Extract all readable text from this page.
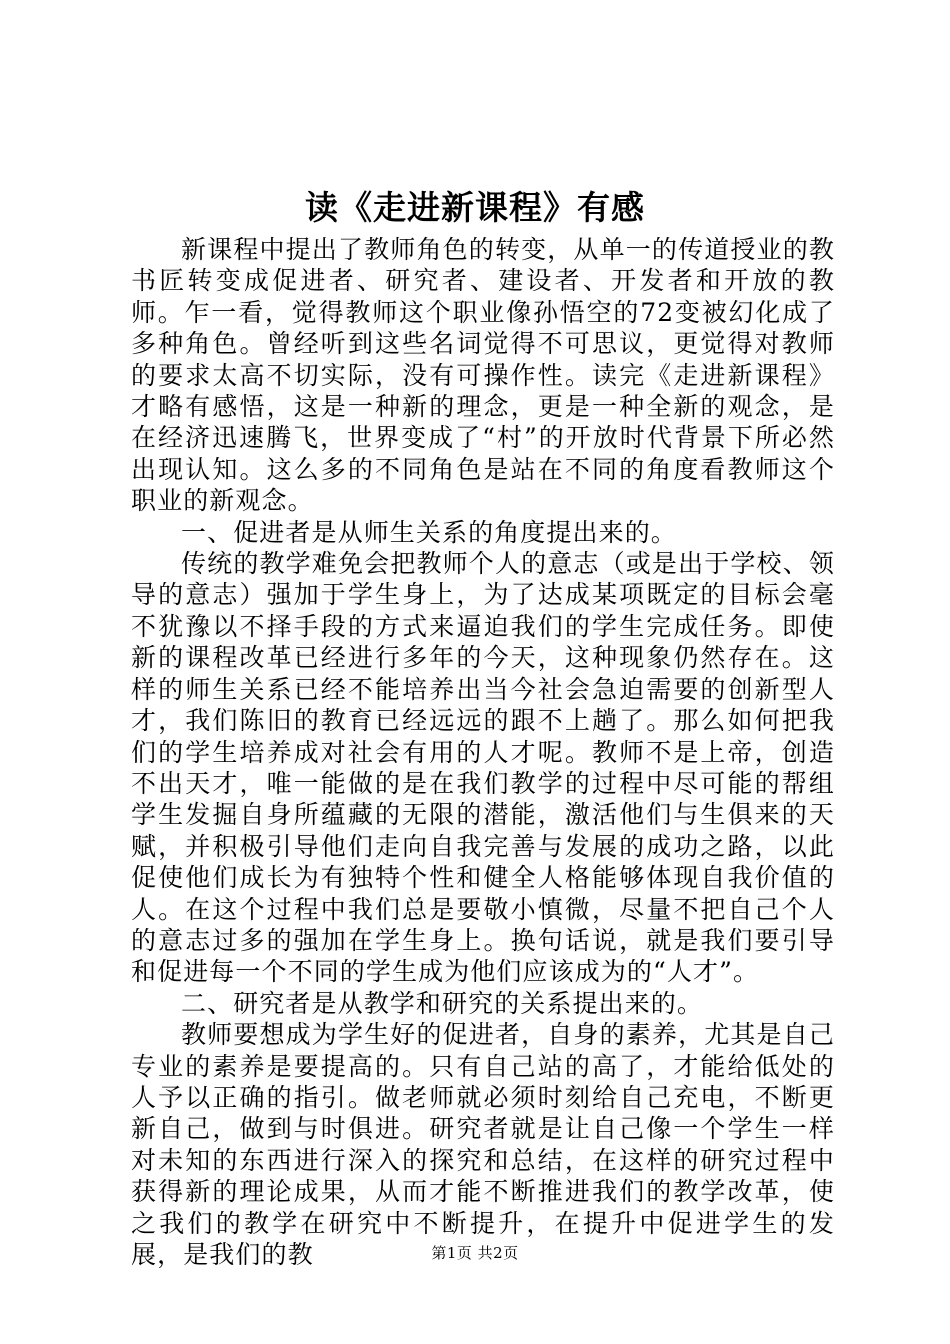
读《走进新课程》有感

新课程中提出了教师角色的转变，从单一的传道授业的教书匠转变成促进者、研究者、建设者、开发者和开放的教师。乍一看，觉得教师这个职业像孙悟空的72变被幻化成了多种角色。曾经听到这些名词觉得不可思议，更觉得对教师的要求太高不切实际，没有可操作性。读完《走进新课程》才略有感悟，这是一种新的理念，更是一种全新的观念，是在经济迅速腾飞，世界变成了“村”的开放时代背景下所必然出现认知。这么多的不同角色是站在不同的角度看教师这个职业的新观念。

一、促进者是从师生关系的角度提出来的。

传统的教学难免会把教师个人的意志（或是出于学校、领导的意志）强加于学生身上，为了达成某项既定的目标会毫不犹豫以不择手段的方式来逼迫我们的学生完成任务。即使新的课程改革已经进行多年的今天，这种现象仍然存在。这样的师生关系已经不能培养出当今社会急迫需要的创新型人才，我们陈旧的教育已经远远的跟不上趟了。那么如何把我们的学生培养成对社会有用的人才呢。教师不是上帝，创造不出天才，唯一能做的是在我们教学的过程中尽可能的帮组学生发掘自身所蕴藏的无限的潜能，激活他们与生俱来的天赋，并积极引导他们走向自我完善与发展的成功之路，以此促使他们成长为有独特个性和健全人格能够体现自我价值的人。在这个过程中我们总是要敬小慎微，尽量不把自己个人的意志过多的强加在学生身上。换句话说，就是我们要引导和促进每一个不同的学生成为他们应该成为的“人才”。

二、研究者是从教学和研究的关系提出来的。

教师要想成为学生好的促进者，自身的素养，尤其是自己专业的素养是要提高的。只有自己站的高了，才能给低处的人予以正确的指引。做老师就必须时刻给自己充电，不断更新自己，做到与时俱进。研究者就是让自己像一个学生一样对未知的东西进行深入的探究和总结，在这样的研究过程中获得新的理论成果，从而才能不断推进我们的教学改革，使之我们的教学在研究中不断提升，在提升中促进学生的发展，是我们的教	第1页 共2页
